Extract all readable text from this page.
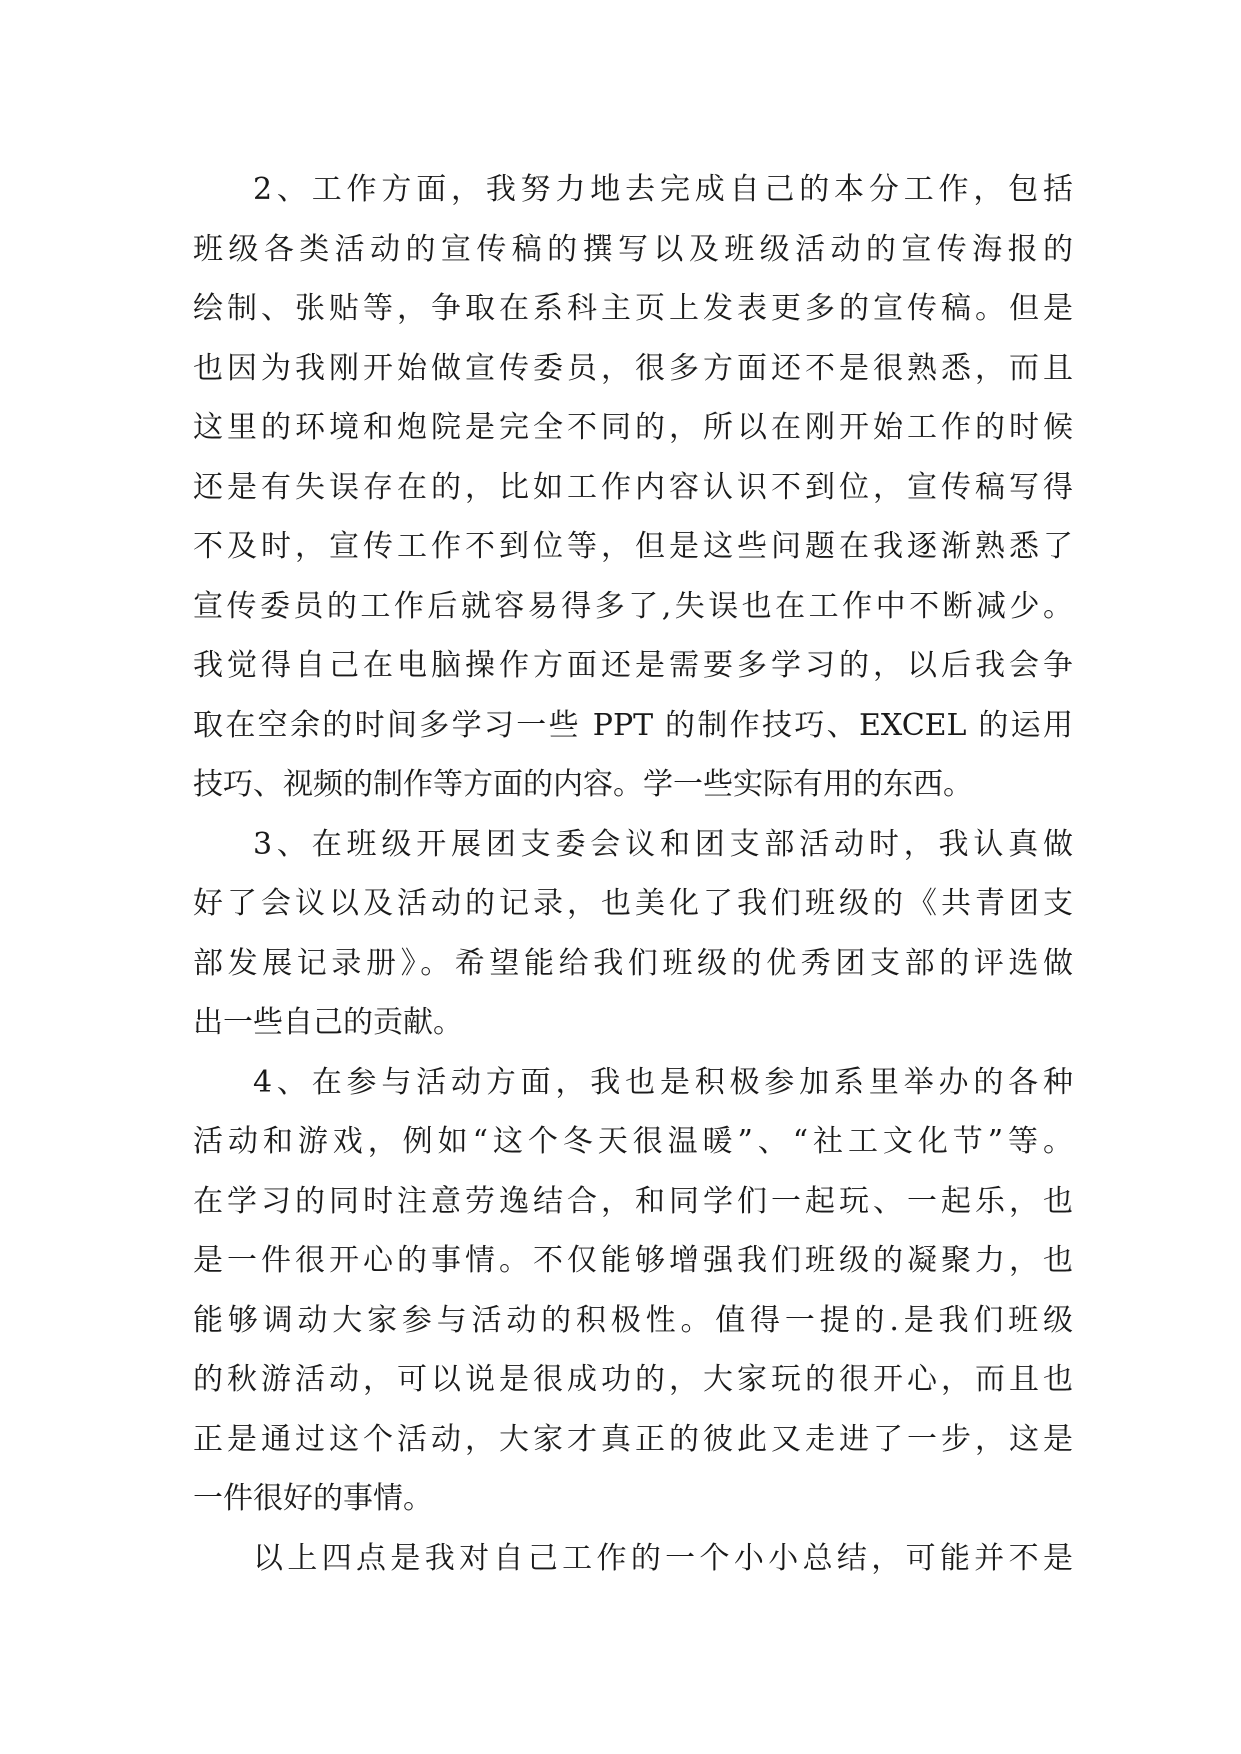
2、工作方面，我努力地去完成自己的本分工作，包括
班级各类活动的宣传稿的撰写以及班级活动的宣传海报的
绘制、张贴等，争取在系科主页上发表更多的宣传稿。但是
也因为我刚开始做宣传委员，很多方面还不是很熟悉，而且
这里的环境和炮院是完全不同的，所以在刚开始工作的时候
还是有失误存在的，比如工作内容认识不到位，宣传稿写得
不及时，宣传工作不到位等，但是这些问题在我逐渐熟悉了
宣传委员的工作后就容易得多了,失误也在工作中不断减少。
我觉得自己在电脑操作方面还是需要多学习的，以后我会争
取在空余的时间多学习一些 PPT 的制作技巧、EXCEL 的运用
技巧、视频的制作等方面的内容。学一些实际有用的东西。
3、在班级开展团支委会议和团支部活动时，我认真做
好了会议以及活动的记录，也美化了我们班级的《共青团支
部发展记录册》。希望能给我们班级的优秀团支部的评选做
出一些自己的贡献。
4、在参与活动方面，我也是积极参加系里举办的各种
活动和游戏，例如“这个冬天很温暖”、“社工文化节”等。
在学习的同时注意劳逸结合，和同学们一起玩、一起乐，也
是一件很开心的事情。不仅能够增强我们班级的凝聚力，也
能够调动大家参与活动的积极性。值得一提的.是我们班级
的秋游活动，可以说是很成功的，大家玩的很开心，而且也
正是通过这个活动，大家才真正的彼此又走进了一步，这是
一件很好的事情。
以上四点是我对自己工作的一个小小总结，可能并不是
